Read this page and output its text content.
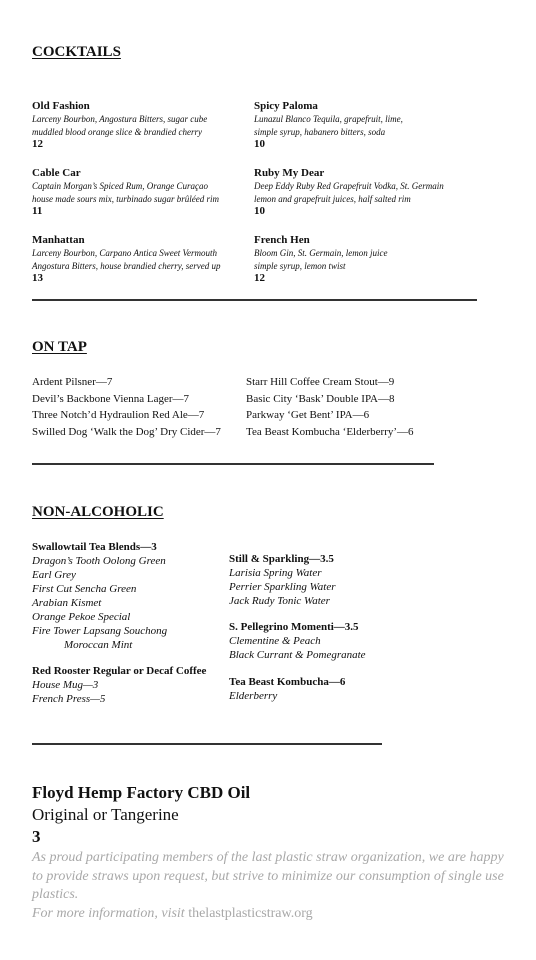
COCKTAILS
Old Fashion
Larceny Bourbon, Angostura Bitters, sugar cube
muddled blood orange slice & brandied cherry
12
Spicy Paloma
Lunazul Blanco Tequila, grapefruit, lime,
simple syrup, habanero bitters, soda
10
Cable Car
Captain Morgan’s Spiced Rum, Orange Curaçao
house made sours mix, turbinado sugar brûléed rim
11
Ruby My Dear
Deep Eddy Ruby Red Grapefruit Vodka, St. Germain
lemon and grapefruit juices, half salted rim
10
Manhattan
Larceny Bourbon, Carpano Antica Sweet Vermouth
Angostura Bitters, house brandied cherry, served up
13
French Hen
Bloom Gin, St. Germain, lemon juice
simple syrup, lemon twist
12
ON TAP
Ardent Pilsner—7
Devil’s Backbone Vienna Lager—7
Three Notch’d Hydraulion Red Ale—7
Swilled Dog ‘Walk the Dog’ Dry Cider—7
Starr Hill Coffee Cream Stout—9
Basic City ‘Bask’ Double IPA—8
Parkway ‘Get Bent’ IPA—6
Tea Beast Kombucha ‘Elderberry’—6
NON-ALCOHOLIC
Swallowtail Tea Blends—3
Dragon’s Tooth Oolong Green
Earl Grey
First Cut Sencha Green
Arabian Kismet
Orange Pekoe Special
Fire Tower Lapsang Souchong
Moroccan Mint
Red Rooster Regular or Decaf Coffee
House Mug—3
French Press—5
Still & Sparkling—3.5
Larisia Spring Water
Perrier Sparkling Water
Jack Rudy Tonic Water
S. Pellegrino Momenti—3.5
Clementine & Peach
Black Currant & Pomegranate
Tea Beast Kombucha—6
Elderberry
Floyd Hemp Factory CBD Oil
Original or Tangerine
3
As proud participating members of the last plastic straw organization, we are happy to provide straws upon request, but strive to minimize our consumption of single use plastics.
For more information, visit thelastplasticstraw.org
